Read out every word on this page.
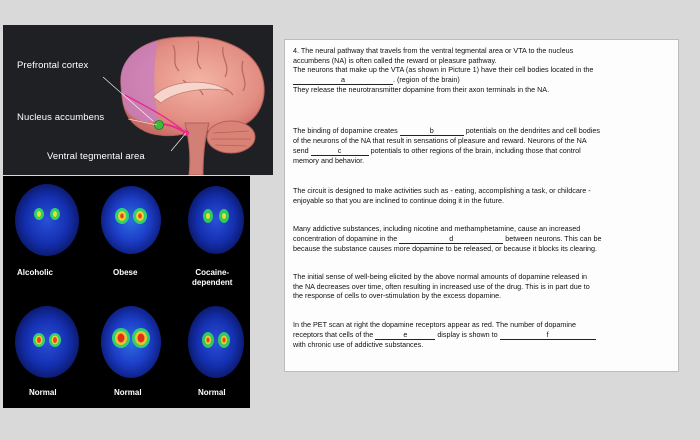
Prefrontal cortex
Nucleus accumbens
Ventral tegmental area
Alcoholic	Obese	Cocaine-
dependent
Normal	Normal	Normal
4. The neural pathway that travels from the ventral tegmental area or VTA to the nucleus
accumbens (NA) is often called the reward or pleasure pathway.
The neurons that make up the VTA (as shown in Picture 1) have their cell bodies located in the
a	. (region of the brain)
They release the neurotransmitter dopamine from their axon terminals in the NA.
The binding of dopamine creates	b	potentials on the dendrites and cell bodies
of the neurons of the NA that result in sensations of pleasure and reward. Neurons of the NA
send	c	potentials to other regions of the brain, including those that control
memory and behavior.
The circuit is designed to make activities such as - eating, accomplishing a task, or childcare -
enjoyable so that you are inclined to continue doing it in the future.
Many addictive substances, including nicotine and methamphetamine, cause an increased
concentration of dopamine in the	d	between neurons. This can be
because the substance causes more dopamine to be released, or because it blocks its clearing.
The initial sense of well-being elicited by the above normal amounts of dopamine released in
the NA decreases over time, often resulting in increased use of the drug. This is in part due to
the response of cells to over-stimulation by the excess dopamine.
In the PET scan at right the dopamine receptors appear as red. The number of dopamine
receptors that cells of the	e	display is shown to	f
with chronic use of addictive substances.
